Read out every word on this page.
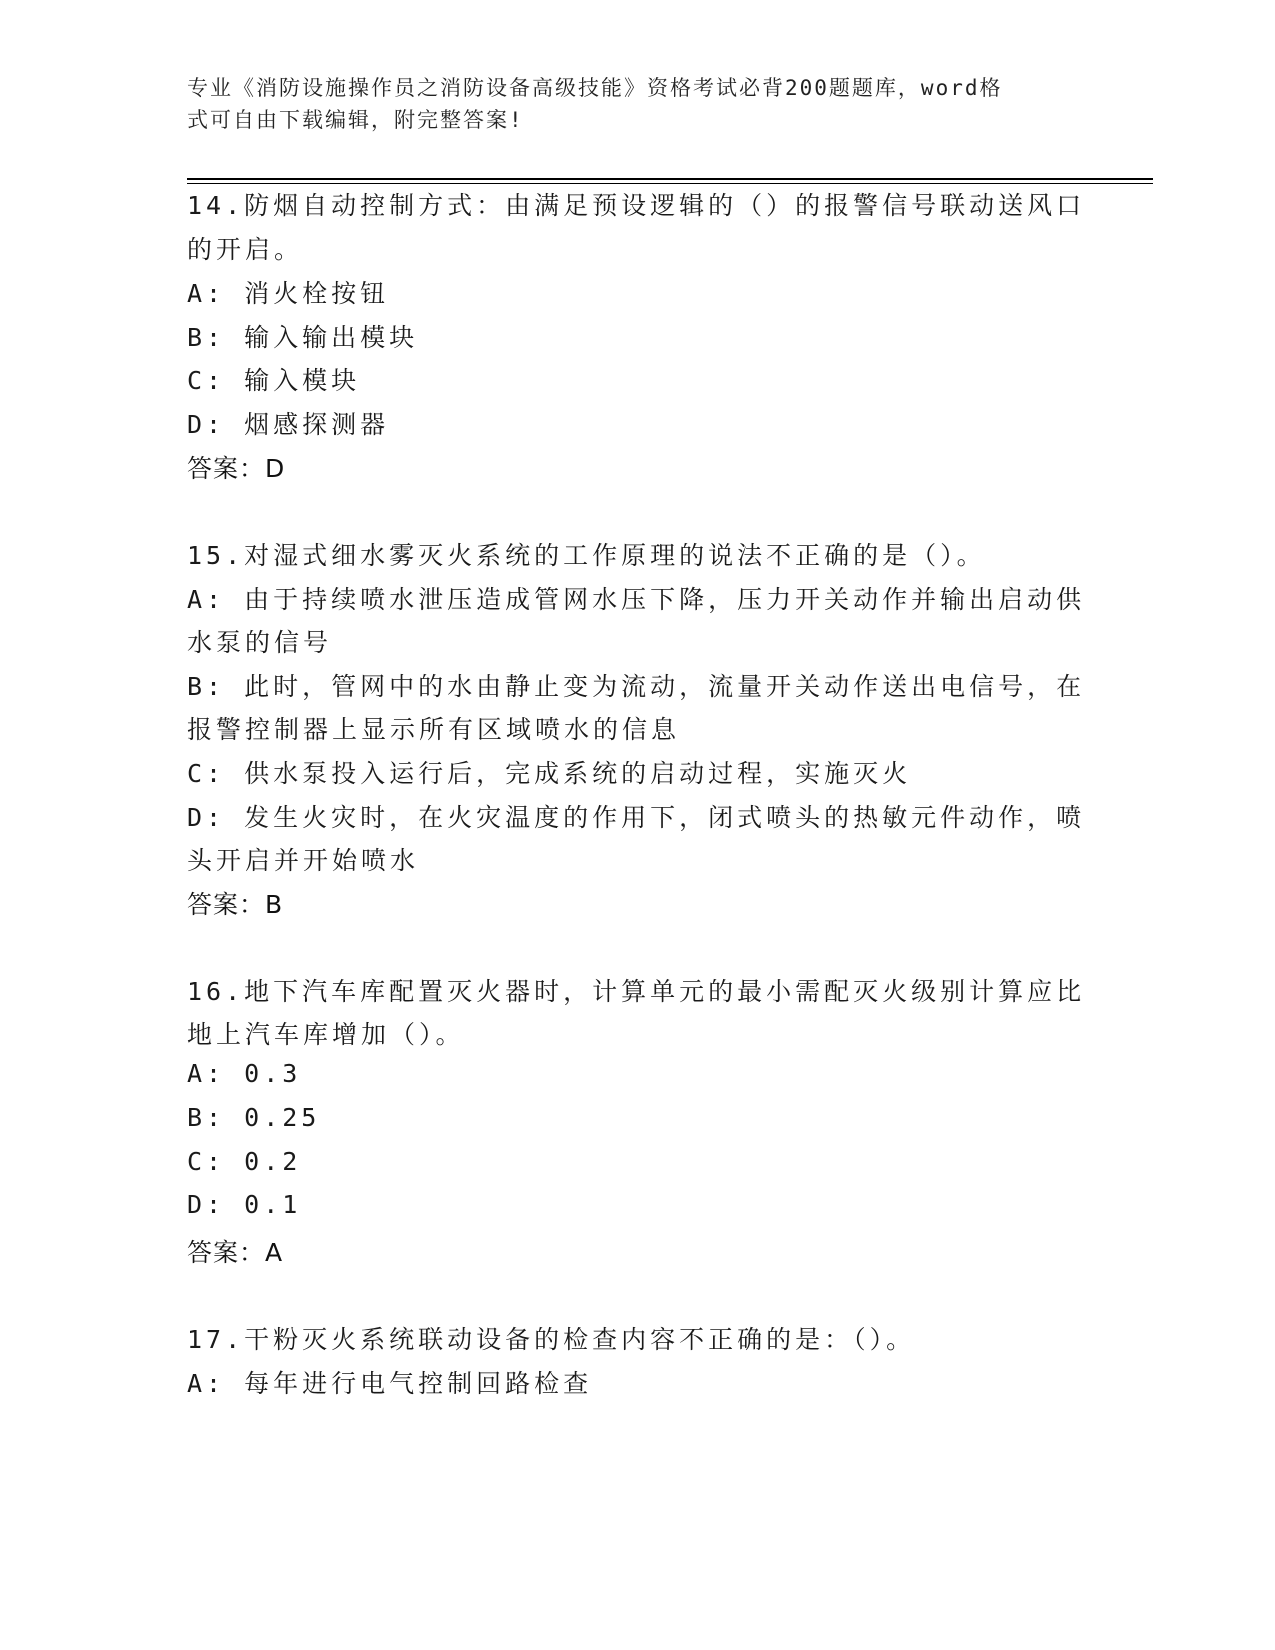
专业《消防设施操作员之消防设备高级技能》资格考试必背200题题库，word格
式可自由下载编辑，附完整答案!
14.防烟自动控制方式：由满足预设逻辑的（）的报警信号联动送风口
的开启。
A: 消火栓按钮
B: 输入输出模块
C: 输入模块
D: 烟感探测器
答案：D
15.对湿式细水雾灭火系统的工作原理的说法不正确的是（）。
A: 由于持续喷水泄压造成管网水压下降，压力开关动作并输出启动供
水泵的信号
B: 此时，管网中的水由静止变为流动，流量开关动作送出电信号，在
报警控制器上显示所有区域喷水的信息
C: 供水泵投入运行后，完成系统的启动过程，实施灭火
D: 发生火灾时，在火灾温度的作用下，闭式喷头的热敏元件动作，喷
头开启并开始喷水
答案：B
16.地下汽车库配置灭火器时，计算单元的最小需配灭火级别计算应比
地上汽车库增加（）。
A: 0.3
B: 0.25
C: 0.2
D: 0.1
答案：A
17.干粉灭火系统联动设备的检查内容不正确的是：（）。
A: 每年进行电气控制回路检查
